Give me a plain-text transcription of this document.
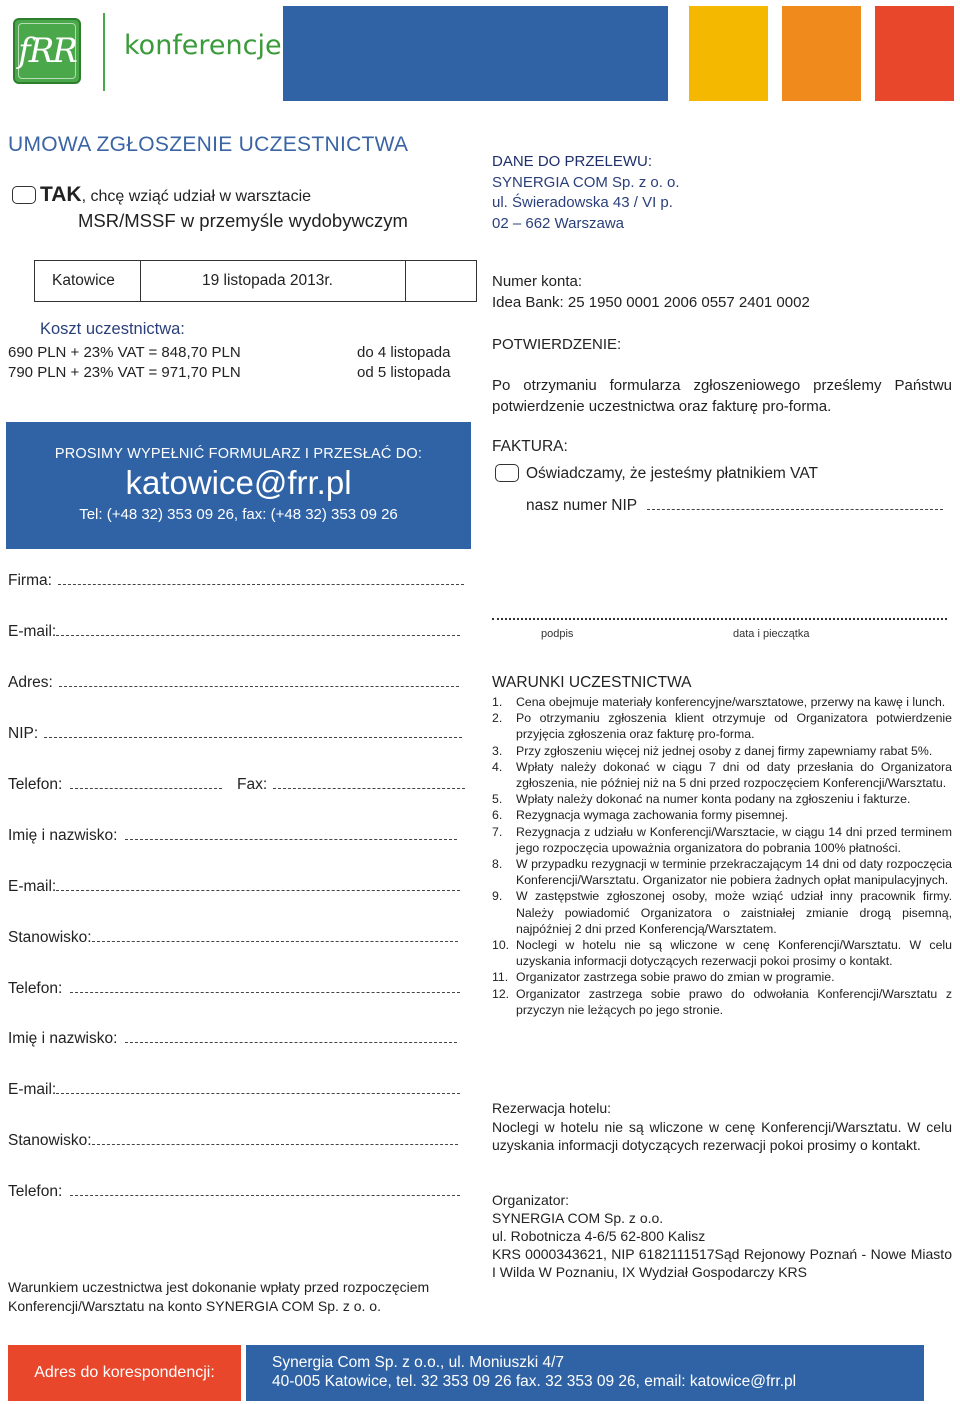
fRR konferencje
UMOWA ZGŁOSZENIE UCZESTNICTWA
TAK, chcę wziąć udział w warsztacie
MSR/MSSF w przemyśle wydobywczym
DANE DO PRZELEWU:
SYNERGIA COM Sp. z o. o.
ul. Świeradowska 43 / VI p.
02 – 662 Warszawa
Katowice	19 listopada 2013r.
Koszt uczestnictwa:
690 PLN + 23% VAT = 848,70 PLN	do 4 listopada
790 PLN + 23% VAT = 971,70 PLN	od 5 listopada
Numer konta:
Idea Bank: 25 1950 0001 2006 0557 2401 0002
POTWIERDZENIE:
Po otrzymaniu formularza zgłoszeniowego prześlemy Państwu potwierdzenie uczestnictwa oraz fakturę pro-forma.
PROSIMY WYPEŁNIĆ FORMULARZ I PRZESŁAĆ DO:
katowice@frr.pl
Tel: (+48 32) 353 09 26, fax: (+48 32) 353 09 26
FAKTURA:
Oświadczamy, że jesteśmy płatnikiem VAT
nasz numer NIP
Firma:
E-mail:
Adres:
NIP:
Telefon:	Fax:
Imię i nazwisko:
E-mail:
Stanowisko:
Telefon:
Imię i nazwisko:
E-mail:
Stanowisko:
Telefon:
podpis	data i pieczątka
WARUNKI UCZESTNICTWA
1.	Cena obejmuje materiały konferencyjne/warsztatowe, przerwy na kawę i lunch.
2.	Po otrzymaniu zgłoszenia klient otrzymuje od Organizatora potwierdzenie przyjęcia zgłoszenia oraz fakturę pro-forma.
3.	Przy zgłoszeniu więcej niż jednej osoby z danej firmy zapewniamy rabat 5%.
4.	Wpłaty należy dokonać w ciągu 7 dni od daty przesłania do Organizatora zgłoszenia, nie później niż na 5 dni przed rozpoczęciem Konferencji/Warsztatu.
5.	Wpłaty należy dokonać na numer konta podany na zgłoszeniu i fakturze.
6.	Rezygnacja wymaga zachowania formy pisemnej.
7.	Rezygnacja z udziału w Konferencji/Warsztacie, w ciągu 14 dni przed terminem jego rozpoczęcia upoważnia organizatora do pobrania 100% płatności.
8.	W przypadku rezygnacji w terminie przekraczającym 14 dni od daty rozpoczęcia Konferencji/Warsztatu. Organizator nie pobiera żadnych opłat manipulacyjnych.
9.	W zastępstwie zgłoszonej osoby, może wziąć udział inny pracownik firmy. Należy powiadomić Organizatora o zaistniałej zmianie drogą pisemną, najpóźniej 2 dni przed Konferencją/Warsztatem.
10. Noclegi w hotelu nie są wliczone w cenę Konferencji/Warsztatu. W celu uzyskania informacji dotyczących rezerwacji pokoi prosimy o kontakt.
11. Organizator zastrzega sobie prawo do zmian w programie.
12. Organizator zastrzega sobie prawo do odwołania Konferencji/Warsztatu z przyczyn nie leżących po jego stronie.
Rezerwacja hotelu:
Noclegi w hotelu nie są wliczone w cenę Konferencji/Warsztatu. W celu uzyskania informacji dotyczących rezerwacji pokoi prosimy o kontakt.
Organizator:
SYNERGIA COM Sp. z o.o.
ul. Robotnicza 4-6/5 62-800 Kalisz
KRS 0000343621, NIP 6182111517Sąd Rejonowy Poznań - Nowe Miasto I Wilda W Poznaniu, IX Wydział Gospodarczy KRS
Warunkiem uczestnictwa jest dokonanie wpłaty przed rozpoczęciem Konferencji/Warsztatu na konto SYNERGIA COM Sp. z o. o.
Adres do korespondencji:
Synergia Com Sp. z o.o., ul. Moniuszki 4/7
40-005 Katowice, tel. 32 353 09 26 fax. 32 353 09 26, email: katowice@frr.pl
